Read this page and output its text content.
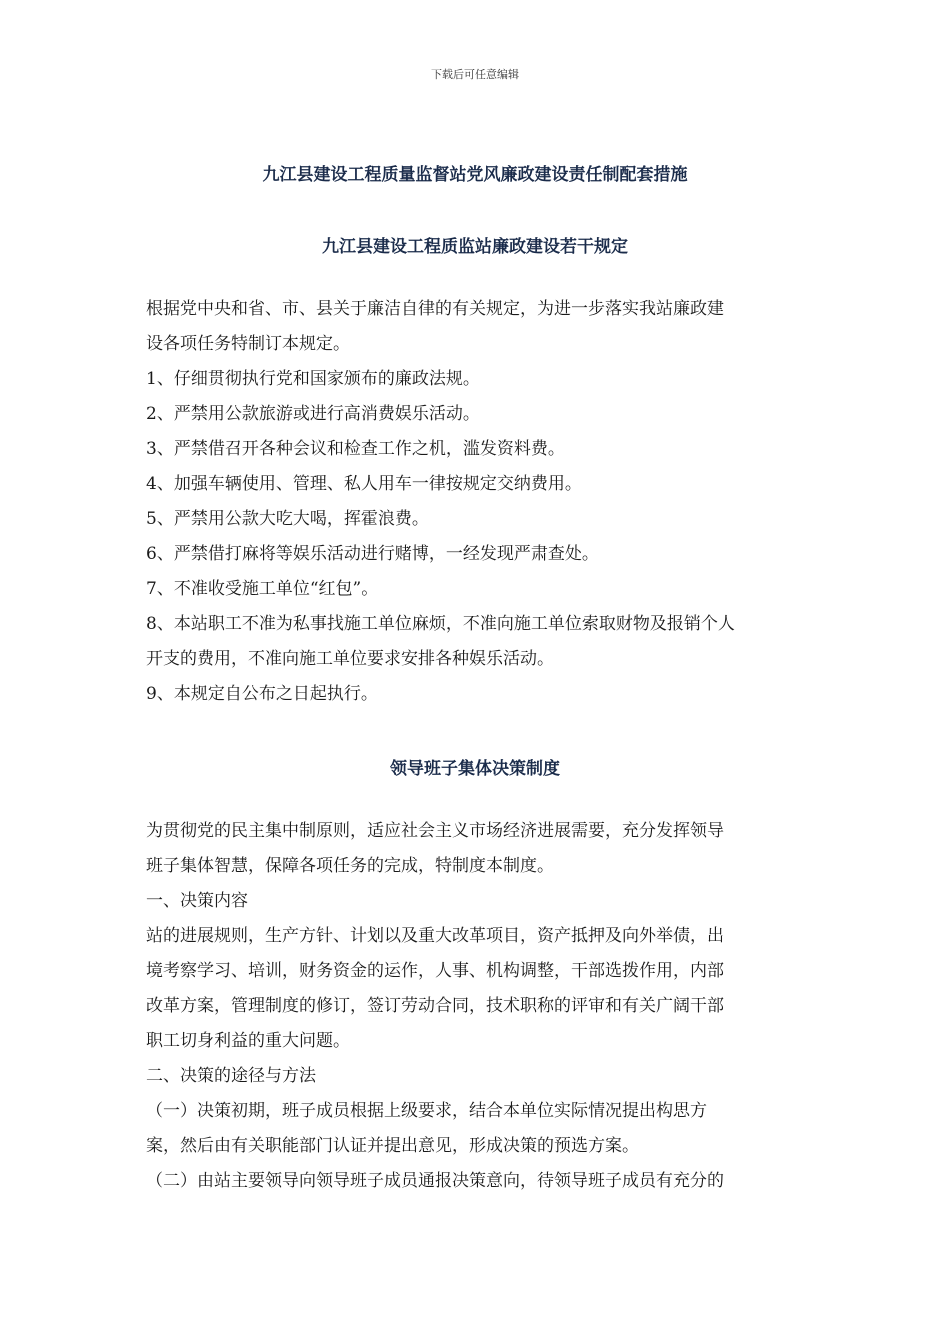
下载后可任意编辑
九江县建设工程质量监督站党风廉政建设责任制配套措施
九江县建设工程质监站廉政建设若干规定
根据党中央和省、市、县关于廉洁自律的有关规定，为进一步落实我站廉政建
设各项任务特制订本规定。
1、仔细贯彻执行党和国家颁布的廉政法规。
2、严禁用公款旅游或进行高消费娱乐活动。
3、严禁借召开各种会议和检查工作之机，滥发资料费。
4、加强车辆使用、管理、私人用车一律按规定交纳费用。
5、严禁用公款大吃大喝，挥霍浪费。
6、严禁借打麻将等娱乐活动进行赌博，一经发现严肃查处。
7、不准收受施工单位“红包”。
8、本站职工不准为私事找施工单位麻烦，不准向施工单位索取财物及报销个人
开支的费用，不准向施工单位要求安排各种娱乐活动。
9、本规定自公布之日起执行。
领导班子集体决策制度
为贯彻党的民主集中制原则，适应社会主义市场经济进展需要，充分发挥领导
班子集体智慧，保障各项任务的完成，特制度本制度。
一、决策内容
站的进展规则，生产方针、计划以及重大改革项目，资产抵押及向外举债，出
境考察学习、培训，财务资金的运作，人事、机构调整，干部选拨作用，内部
改革方案，管理制度的修订，签订劳动合同，技术职称的评审和有关广阔干部
职工切身利益的重大问题。
二、决策的途径与方法
（一）决策初期，班子成员根据上级要求，结合本单位实际情况提出构思方
案，然后由有关职能部门认证并提出意见，形成决策的预选方案。
（二）由站主要领导向领导班子成员通报决策意向，待领导班子成员有充分的
